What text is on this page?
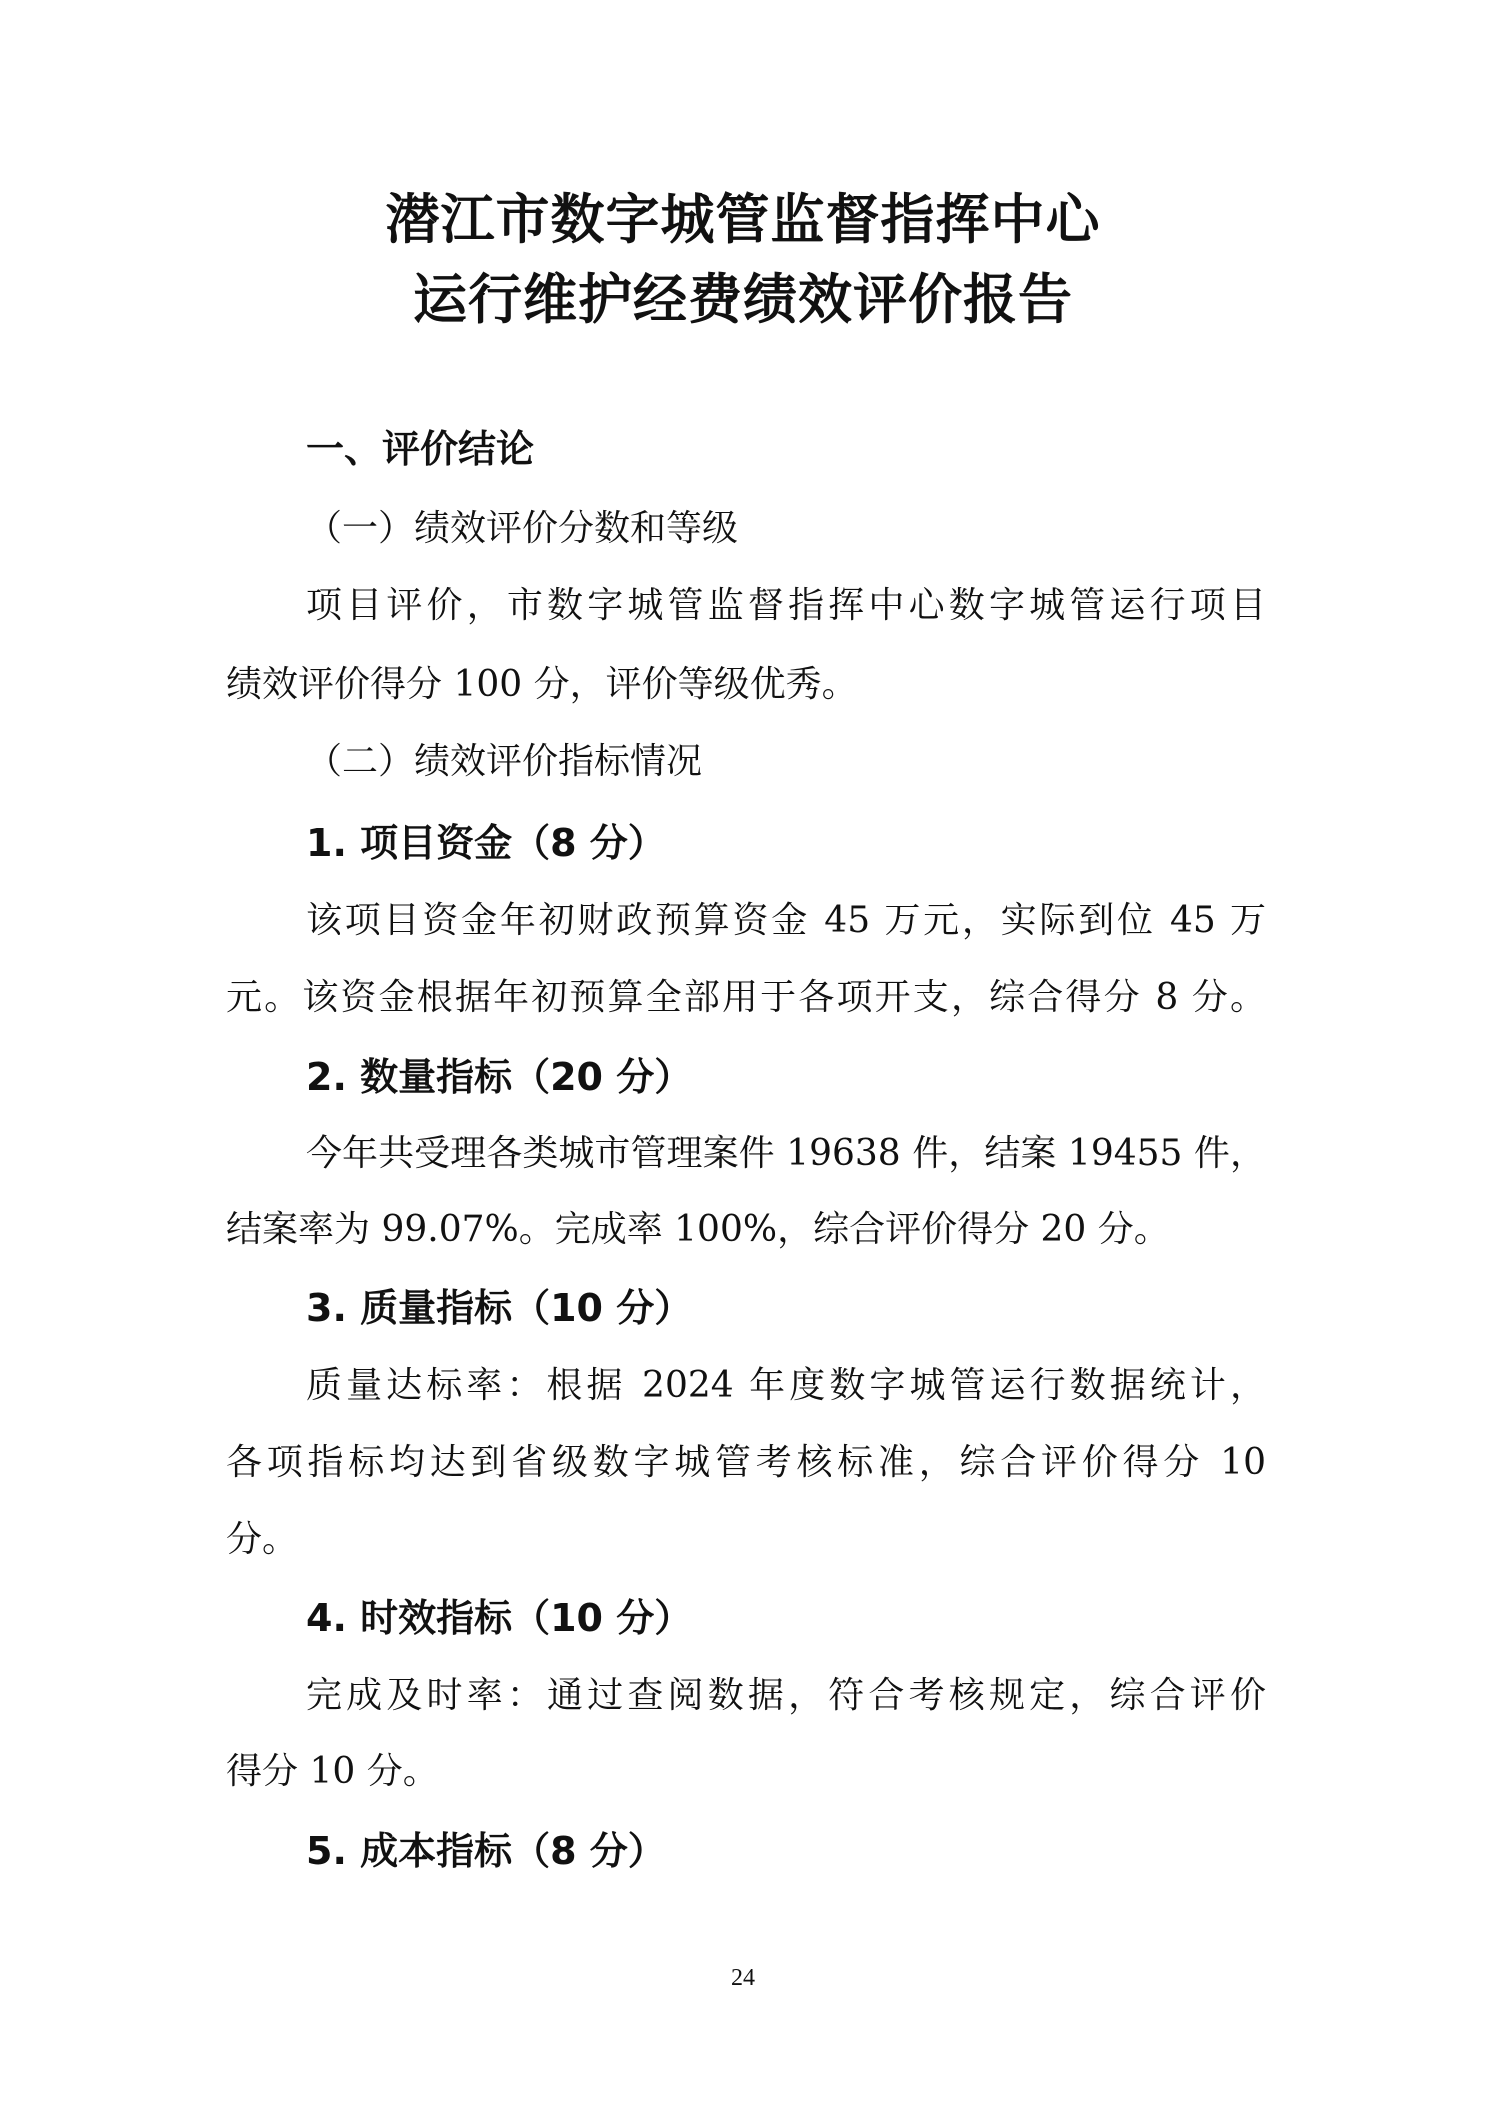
潜江市数字城管监督指挥中心
运行维护经费绩效评价报告
一、评价结论
（一）绩效评价分数和等级
项目评价，市数字城管监督指挥中心数字城管运行项目
绩效评价得分 100 分，评价等级优秀。
（二）绩效评价指标情况
1. 项目资金（8 分）
该项目资金年初财政预算资金 45 万元，实际到位 45 万
元。该资金根据年初预算全部用于各项开支，综合得分 8 分。
2. 数量指标（20 分）
今年共受理各类城市管理案件 19638 件，结案 19455 件，
结案率为 99.07%。完成率 100%，综合评价得分 20 分。
3. 质量指标（10 分）
质量达标率：根据 2024 年度数字城管运行数据统计，
各项指标均达到省级数字城管考核标准，综合评价得分 10
分。
4. 时效指标（10 分）
完成及时率：通过查阅数据，符合考核规定，综合评价
得分 10 分。
5. 成本指标（8 分）
24
